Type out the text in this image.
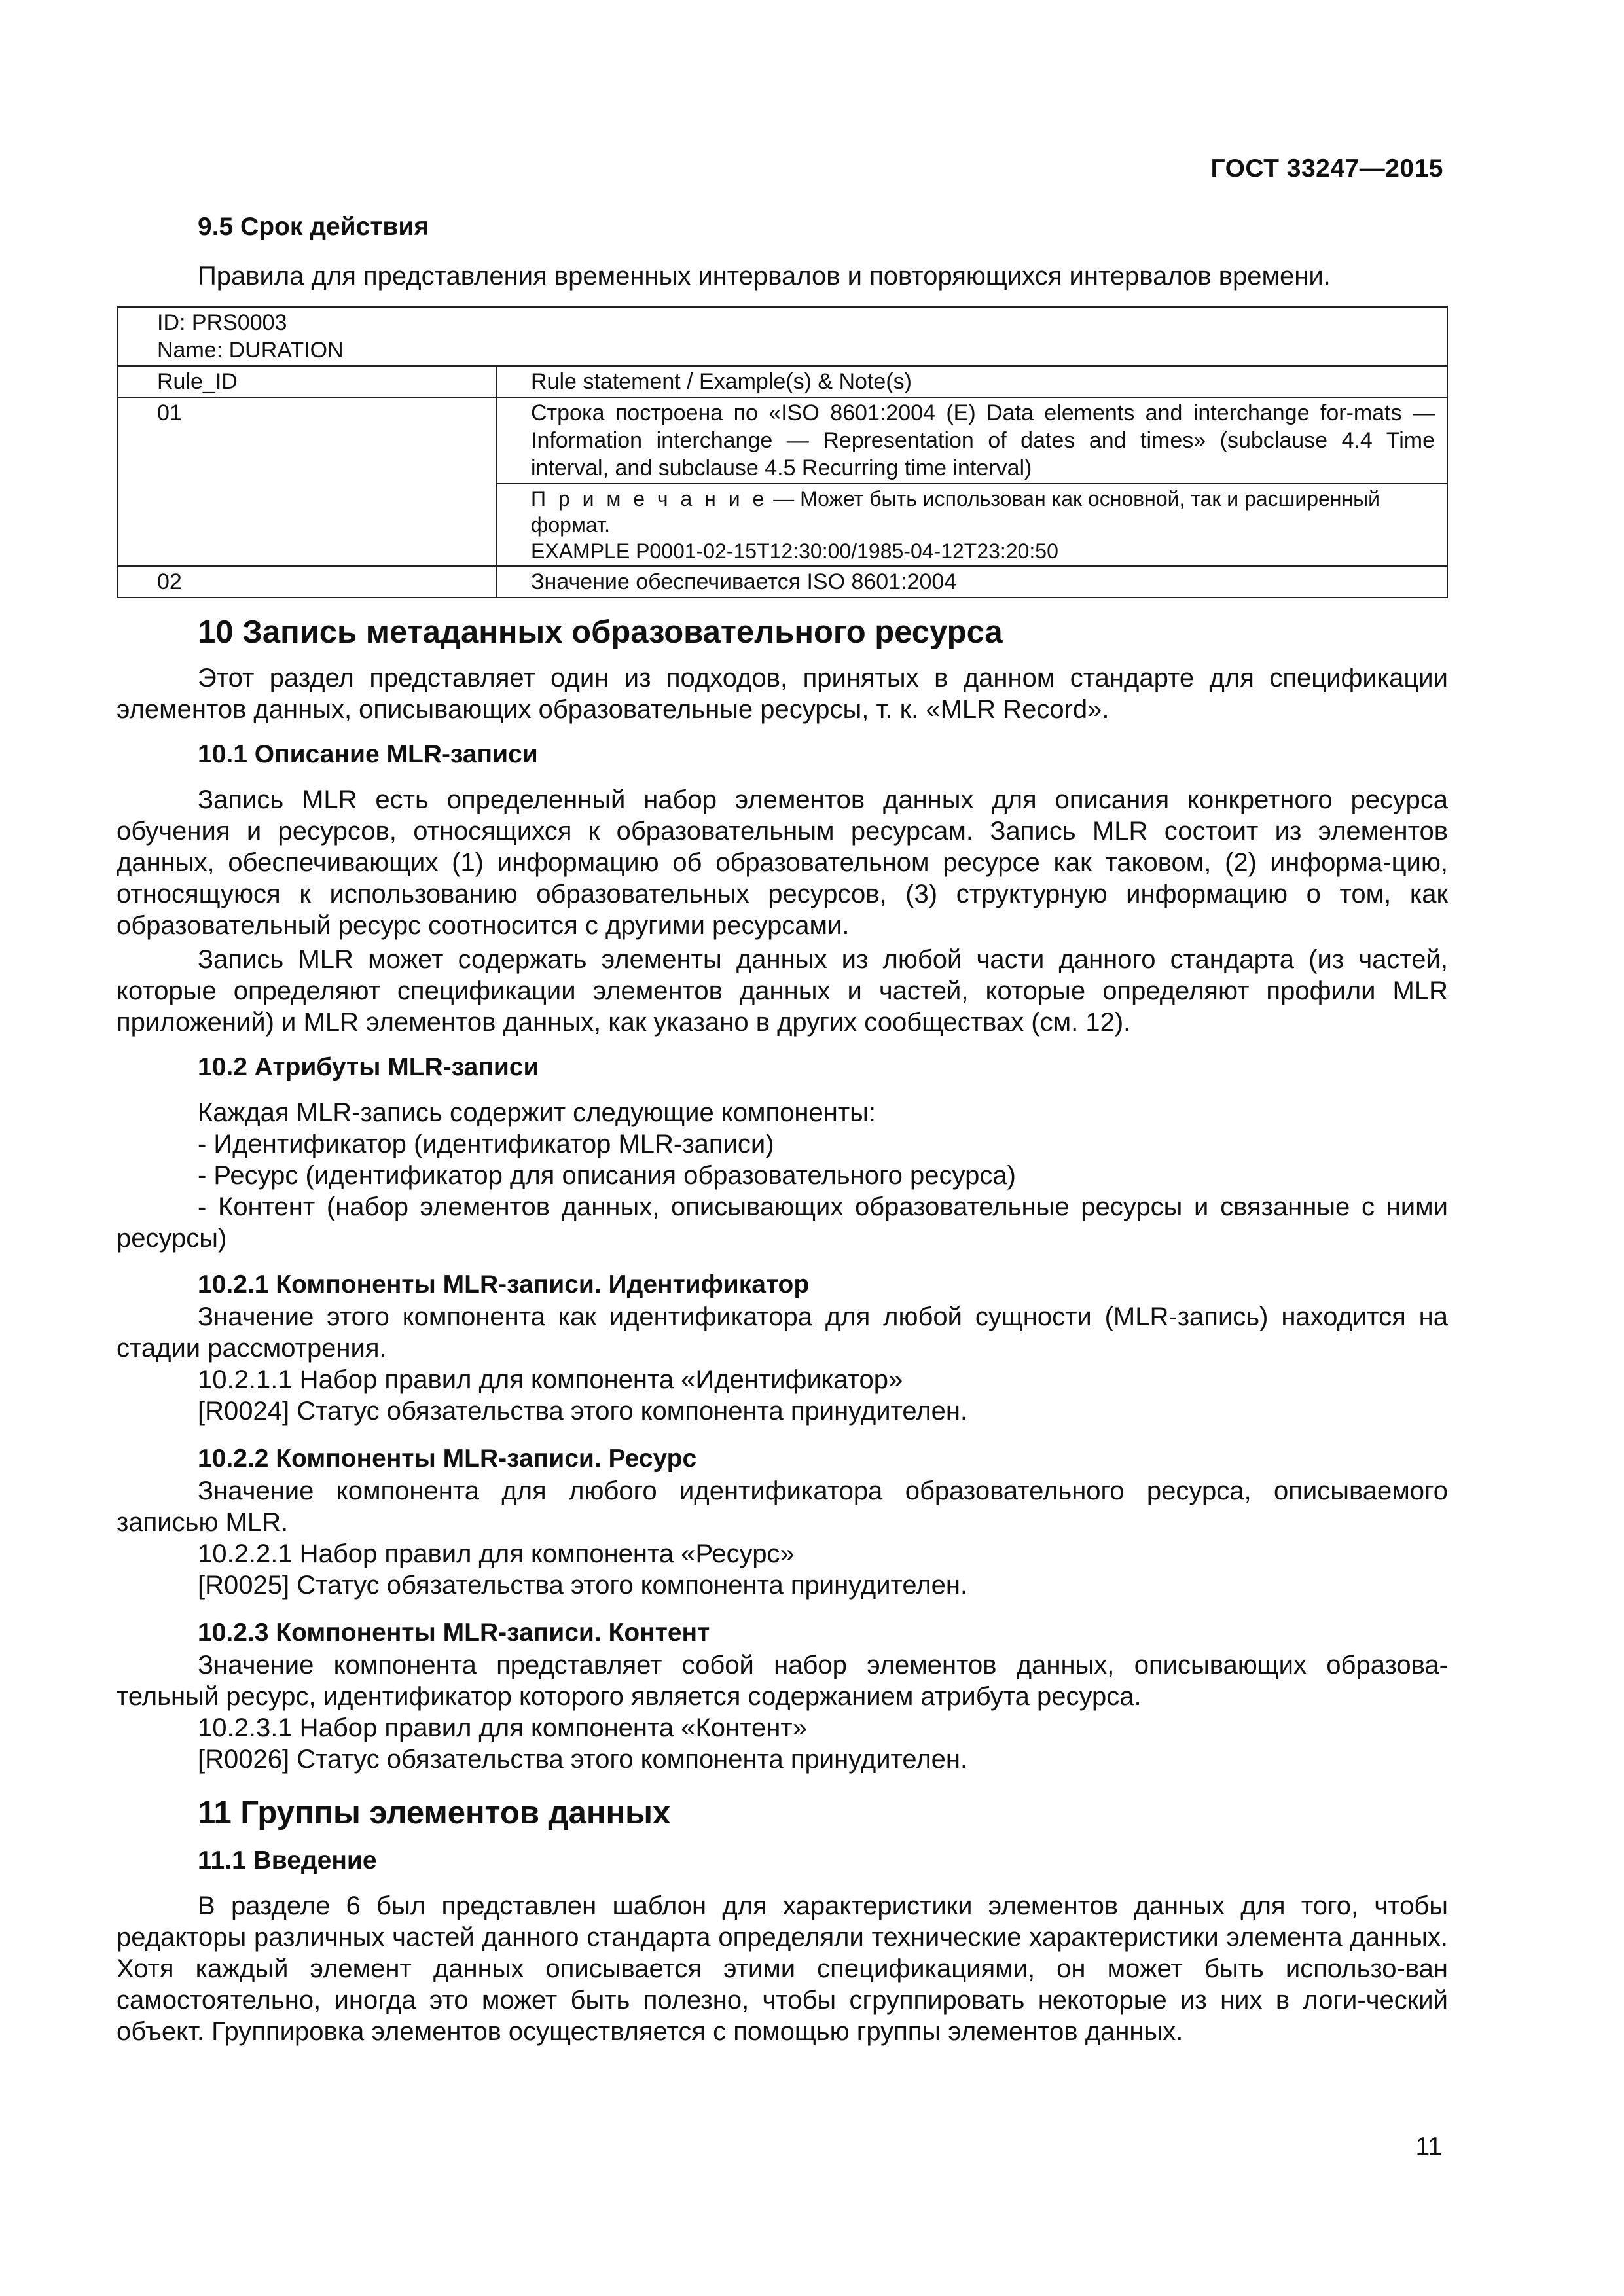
ГОСТ 33247—2015
9.5 Срок действия

Правила для представления временных интервалов и повторяющихся интервалов времени.

ID: PRS0003
Name: DURATION	

Rule_ID	Rule statement / Example(s) & Note(s)
01	Строка построена по «ISO 8601:2004 (E) Data elements and interchange for-mats — Information interchange — Representation of dates and times» (subclause 4.4 Time interval, and subclause 4.5 Recurring time interval)

	П р и м е ч а н и е — Может быть использован как основной, так и расширенный формат.
EXAMPLE P0001-02-15T12:30:00/1985-04-12T23:20:50

02	Значение обеспечивается ISO 8601:2004
10 Запись метаданных образовательного ресурса

Этот раздел представляет один из подходов, принятых в данном стандарте для спецификации элементов данных, описывающих образовательные ресурсы, т. к. «MLR Record».

10.1 Описание MLR-записи

Запись MLR есть определенный набор элементов данных для описания конкретного ресурса обучения и ресурсов, относящихся к образовательным ресурсам. Запись MLR состоит из элементов данных, обеспечивающих (1) информацию об образовательном ресурсе как таковом, (2) информа-цию, относящуюся к использованию образовательных ресурсов, (3) структурную информацию о том, как образовательный ресурс соотносится с другими ресурсами.

Запись MLR может содержать элементы данных из любой части данного стандарта (из частей, которые определяют спецификации элементов данных и частей, которые определяют профили MLR приложений) и MLR элементов данных, как указано в других сообществах (см. 12).

10.2 Атрибуты MLR-записи

Каждая MLR-запись содержит следующие компоненты:

- Идентификатор (идентификатор MLR-записи)

- Ресурс (идентификатор для описания образовательного ресурса)

- Контент (набор элементов данных, описывающих образовательные ресурсы и связанные с ними ресурсы)

10.2.1 Компоненты MLR-записи. Идентификатор

Значение этого компонента как идентификатора для любой сущности (MLR-запись) находится на стадии рассмотрения.

10.2.1.1 Набор правил для компонента «Идентификатор»

[R0024] Статус обязательства этого компонента принудителен.

10.2.2 Компоненты MLR-записи. Ресурс

Значение компонента для любого идентификатора образовательного ресурса, описываемого записью MLR.

10.2.2.1 Набор правил для компонента «Ресурс»

[R0025] Статус обязательства этого компонента принудителен.

10.2.3 Компоненты MLR-записи. Контент

Значение компонента представляет собой набор элементов данных, описывающих образова-тельный ресурс, идентификатор которого является содержанием атрибута ресурса.

10.2.3.1 Набор правил для компонента «Контент»

[R0026] Статус обязательства этого компонента принудителен.

11 Группы элементов данных
11.1 Введение

В разделе 6 был представлен шаблон для характеристики элементов данных для того, чтобы редакторы различных частей данного стандарта определяли технические характеристики элемента данных. Хотя каждый элемент данных описывается этими спецификациями, он может быть использо-ван самостоятельно, иногда это может быть полезно, чтобы сгруппировать некоторые из них в логи-ческий объект. Группировка элементов осуществляется с помощью группы элементов данных.

11
